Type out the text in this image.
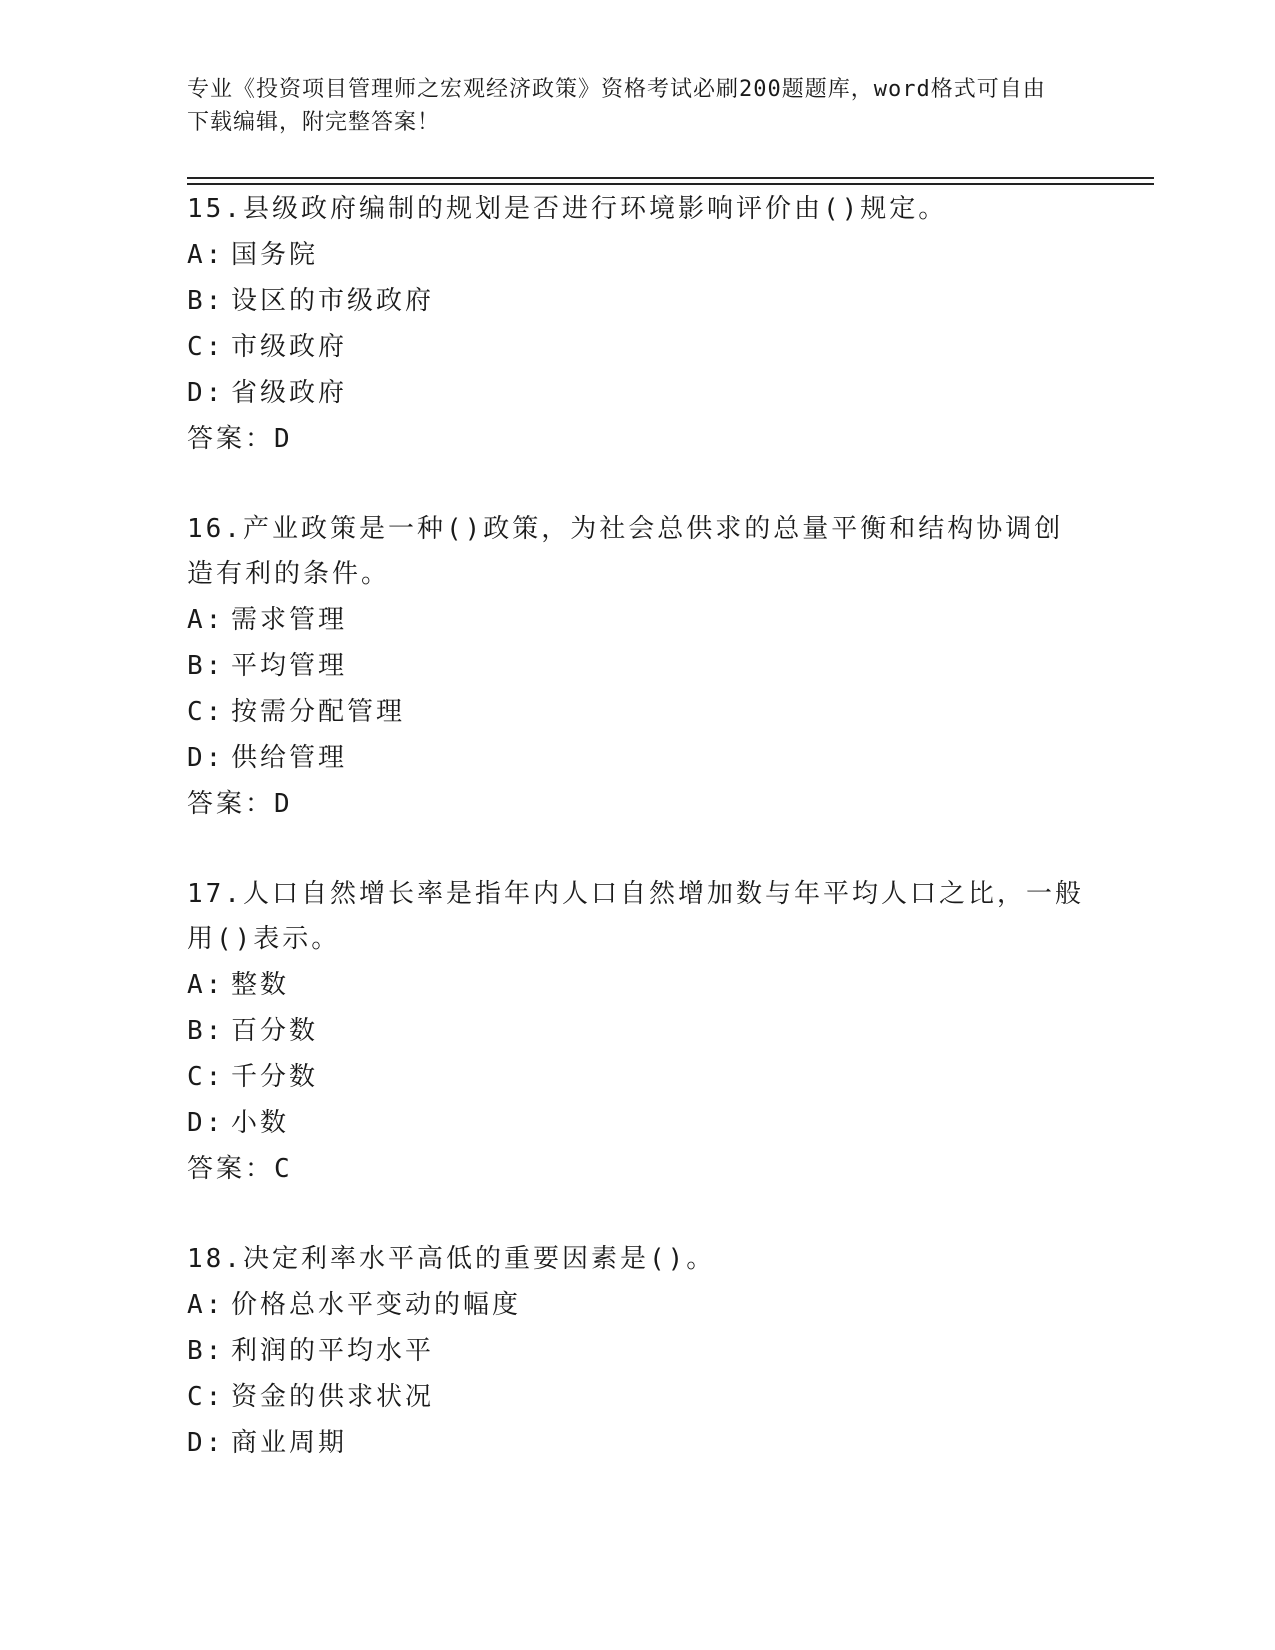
专业《投资项目管理师之宏观经济政策》资格考试必刷200题题库，word格式可自由下载编辑，附完整答案！
15.县级政府编制的规划是否进行环境影响评价由()规定。
A: 国务院
B: 设区的市级政府
C: 市级政府
D: 省级政府
答案：D
16.产业政策是一种()政策，为社会总供求的总量平衡和结构协调创造有利的条件。
A: 需求管理
B: 平均管理
C: 按需分配管理
D: 供给管理
答案：D
17.人口自然增长率是指年内人口自然增加数与年平均人口之比，一般用()表示。
A: 整数
B: 百分数
C: 千分数
D: 小数
答案：C
18.决定利率水平高低的重要因素是()。
A: 价格总水平变动的幅度
B: 利润的平均水平
C: 资金的供求状况
D: 商业周期
